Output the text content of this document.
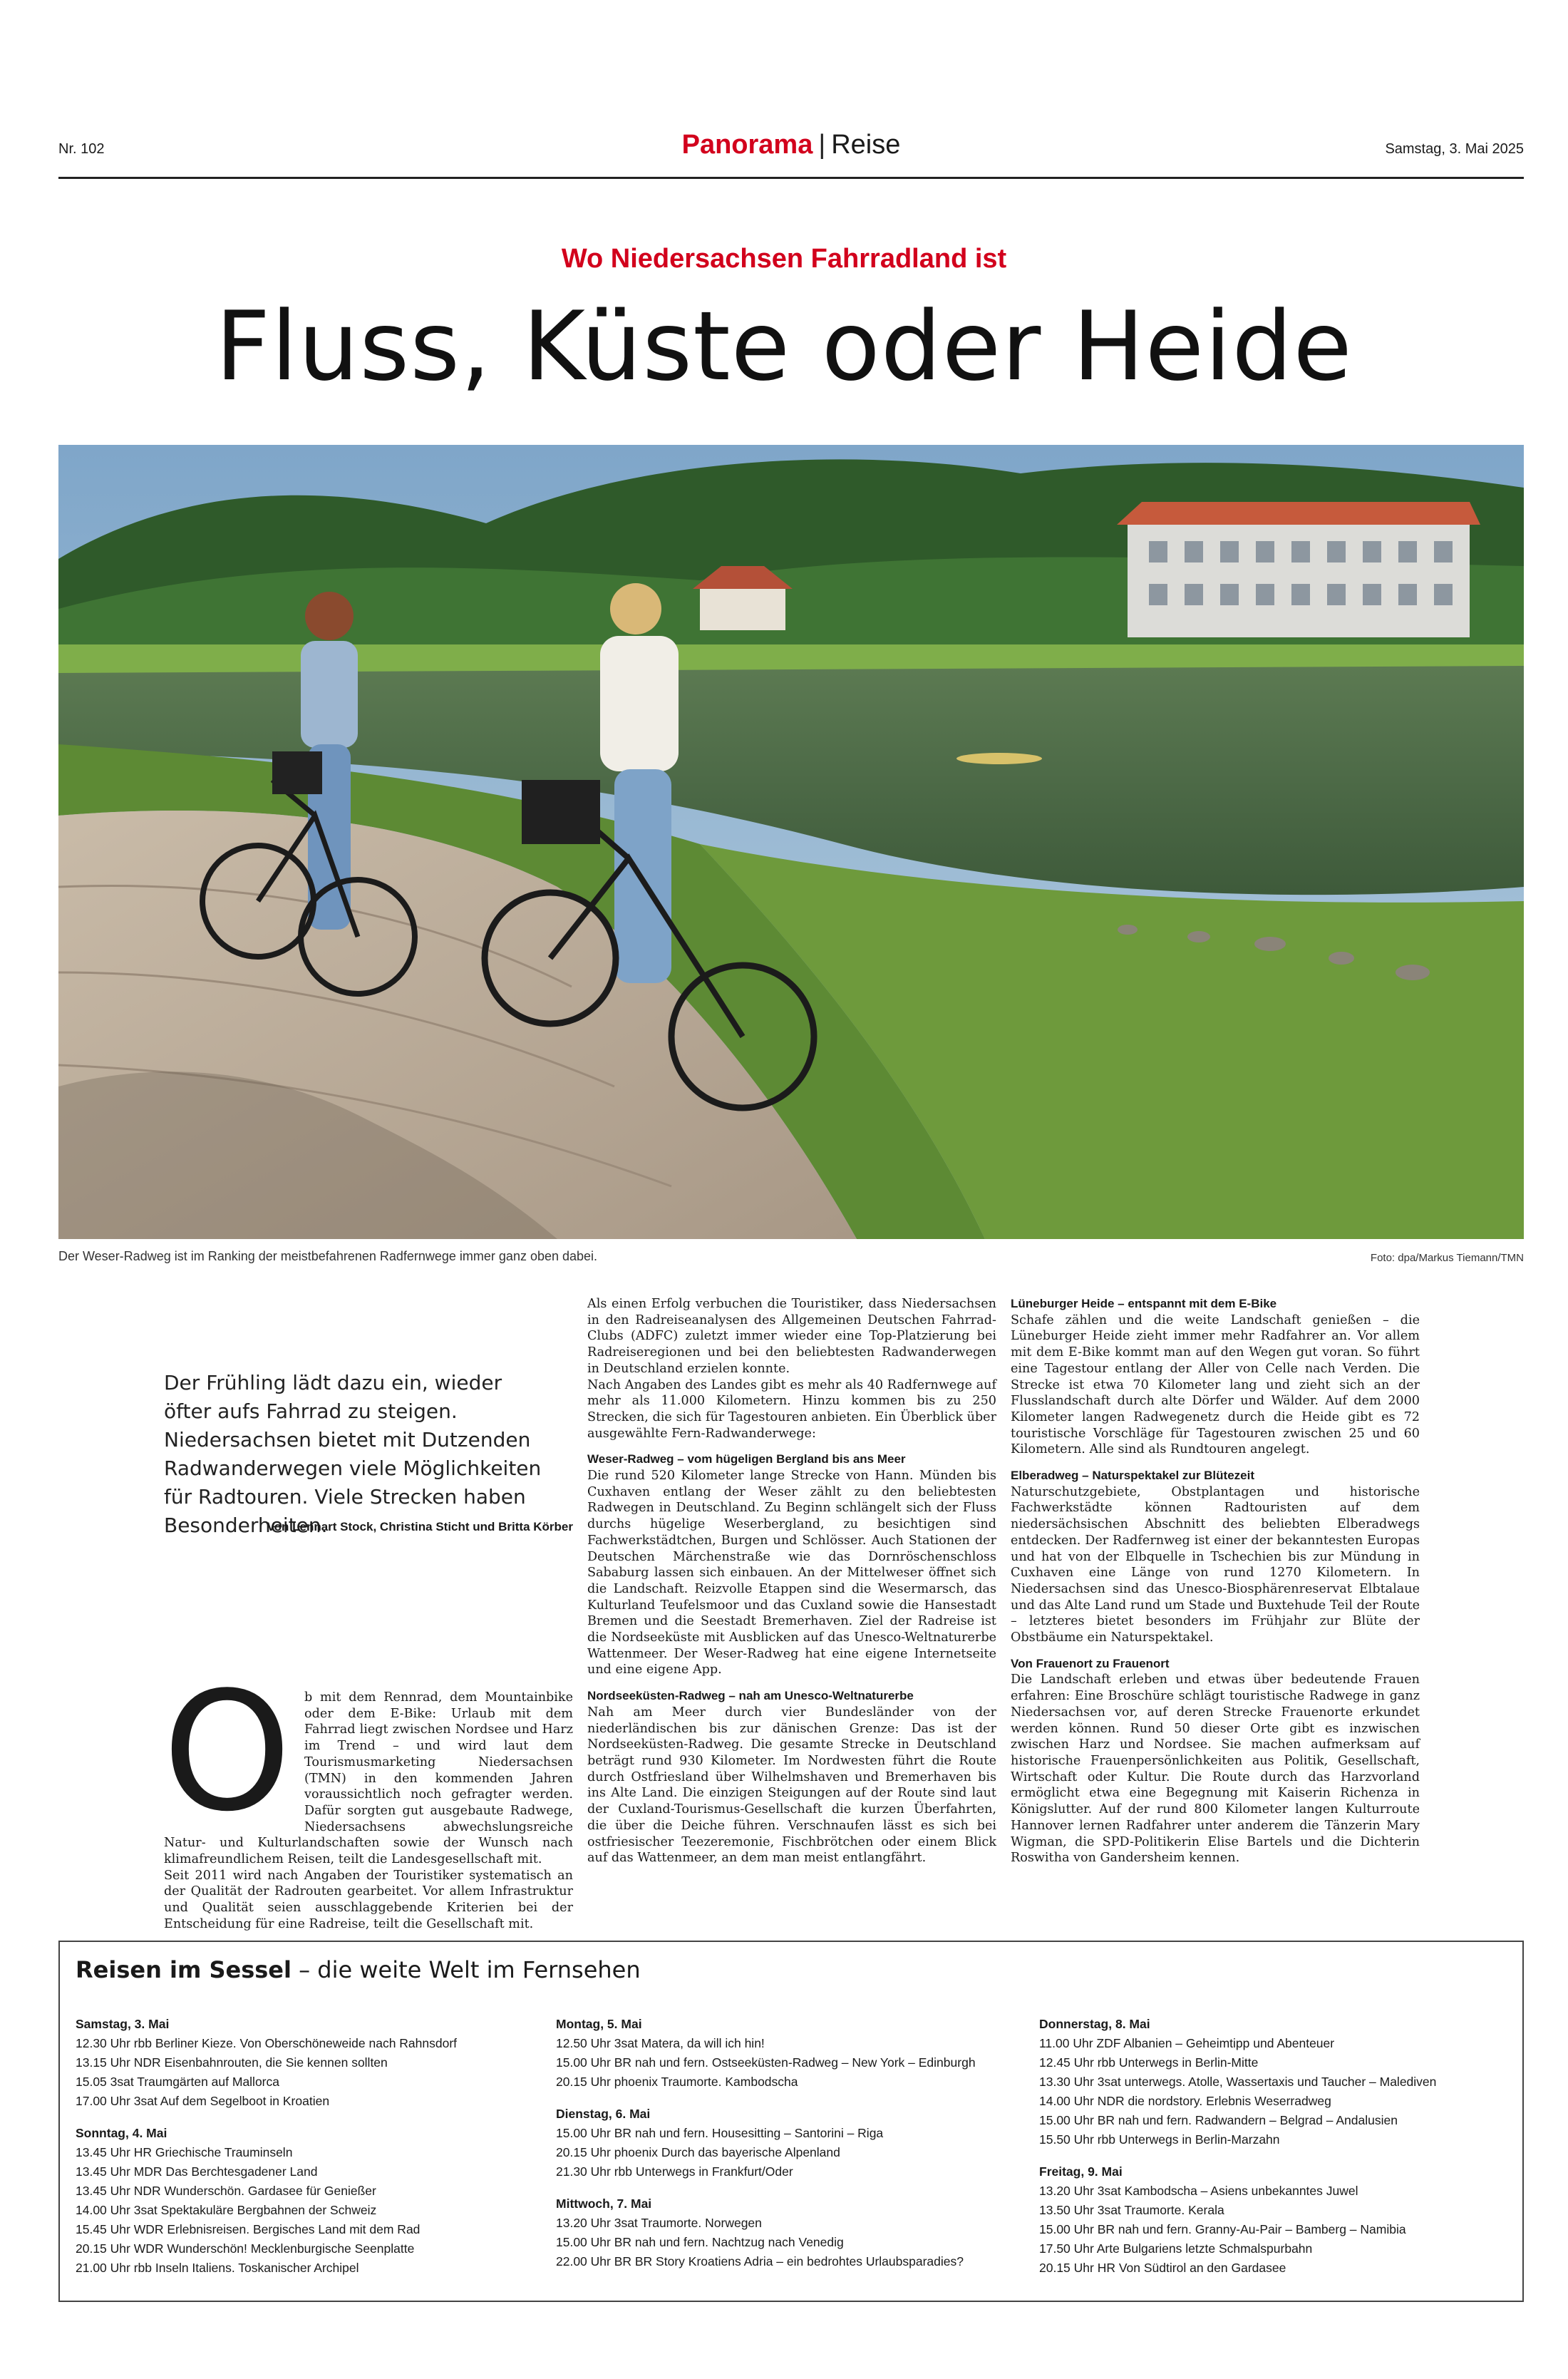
Nr. 102	Panorama | Reise	Samstag, 3. Mai 2025
Wo Niedersachsen Fahrradland ist
Fluss, Küste oder Heide
Der Weser-Radweg ist im Ranking der meistbefahrenen Radfernwege immer ganz oben dabei.	Foto: dpa/Markus Tiemann/TMN
Der Frühling lädt dazu ein, wieder öfter aufs Fahrrad zu steigen. Niedersachsen bietet mit Dutzenden Radwanderwegen viele Möglichkeiten für Radtouren. Viele Strecken haben Besonderheiten.
Von Lennart Stock, Christina Sticht und Britta Körber
O	b mit dem Rennrad, dem Mountainbike oder dem E-Bike: Urlaub mit dem Fahrrad liegt zwischen Nordsee und Harz im Trend – und wird laut dem Tourismusmarketing Niedersachsen (TMN) in den kommenden Jahren voraussichtlich noch gefragter werden. Dafür sorgten gut ausgebaute Radwege, Niedersachsens abwechslungsreiche Natur- und Kulturlandschaften sowie der Wunsch nach klimafreundlichem Reisen, teilt die Landesgesellschaft mit.

Seit 2011 wird nach Angaben der Touristiker systematisch an der Qualität der Radrouten gearbeitet. Vor allem Infrastruktur und Qualität seien ausschlaggebende Kriterien bei der Entscheidung für eine Radreise, teilt die Gesellschaft mit.

Als einen Erfolg verbuchen die Touristiker, dass Niedersachsen in den Radreiseanalysen des Allgemeinen Deutschen Fahrrad-Clubs (ADFC) zuletzt immer wieder eine Top-Platzierung bei Radreiseregionen und bei den beliebtesten Radwanderwegen in Deutschland erzielen konnte.

Nach Angaben des Landes gibt es mehr als 40 Radfernwege auf mehr als 11.000 Kilometern. Hinzu kommen bis zu 250 Strecken, die sich für Tagestouren anbieten. Ein Überblick über ausgewählte Fern-Radwanderwege:

Weser-Radweg – vom hügeligen Bergland bis ans Meer

Die rund 520 Kilometer lange Strecke von Hann. Münden bis Cuxhaven entlang der Weser zählt zu den beliebtesten Radwegen in Deutschland. Zu Beginn schlängelt sich der Fluss durchs hügelige Weserbergland, zu besichtigen sind Fachwerkstädtchen, Burgen und Schlösser. Auch Stationen der Deutschen Märchenstraße wie das Dornröschenschloss Sababurg lassen sich einbauen. An der Mittelweser öffnet sich die Landschaft. Reizvolle Etappen sind die Wesermarsch, das Kulturland Teufelsmoor und das Cuxland sowie die Hansestadt Bremen und die Seestadt Bremerhaven. Ziel der Radreise ist die Nordseeküste mit Ausblicken auf das Unesco-Weltnaturerbe Wattenmeer. Der Weser-Radweg hat eine eigene Internetseite und eine eigene App.

Nordseeküsten-Radweg – nah am Unesco-Weltnaturerbe

Nah am Meer durch vier Bundesländer von der niederländischen bis zur dänischen Grenze: Das ist der Nordseeküsten-Radweg. Die gesamte Strecke in Deutschland beträgt rund 930 Kilometer. Im Nordwesten führt die Route durch Ostfriesland über Wilhelmshaven und Bremerhaven bis ins Alte Land. Die einzigen Steigungen auf der Route sind laut der Cuxland-Tourismus-Gesellschaft die kurzen Überfahrten, die über die Deiche führen. Verschnaufen lässt es sich bei ostfriesischer Teezeremonie, Fischbrötchen oder einem Blick auf das Wattenmeer, an dem man meist entlangfährt.

Lüneburger Heide – entspannt mit dem E-Bike

Schafe zählen und die weite Landschaft genießen – die Lüneburger Heide zieht immer mehr Radfahrer an. Vor allem mit dem E-Bike kommt man auf den Wegen gut voran. So führt eine Tagestour entlang der Aller von Celle nach Verden. Die Strecke ist etwa 70 Kilometer lang und zieht sich an der Flusslandschaft durch alte Dörfer und Wälder. Auf dem 2000 Kilometer langen Radwegenetz durch die Heide gibt es 72 touristische Vorschläge für Tagestouren zwischen 25 und 60 Kilometern. Alle sind als Rundtouren angelegt.

Elberadweg – Naturspektakel zur Blütezeit

Naturschutzgebiete, Obstplantagen und historische Fachwerkstädte können Radtouristen auf dem niedersächsischen Abschnitt des beliebten Elberadwegs entdecken. Der Radfernweg ist einer der bekanntesten Europas und hat von der Elbquelle in Tschechien bis zur Mündung in Cuxhaven eine Länge von rund 1270 Kilometern. In Niedersachsen sind das Unesco-Biosphärenreservat Elbtalaue und das Alte Land rund um Stade und Buxtehude Teil der Route – letzteres bietet besonders im Frühjahr zur Blüte der Obstbäume ein Naturspektakel.

Von Frauenort zu Frauenort

Die Landschaft erleben und etwas über bedeutende Frauen erfahren: Eine Broschüre schlägt touristische Radwege in ganz Niedersachsen vor, auf deren Strecke Frauenorte erkundet werden können. Rund 50 dieser Orte gibt es inzwischen zwischen Harz und Nordsee. Sie machen aufmerksam auf historische Frauenpersönlichkeiten aus Politik, Gesellschaft, Wirtschaft oder Kultur. Die Route durch das Harzvorland ermöglicht etwa eine Begegnung mit Kaiserin Richenza in Königslutter. Auf der rund 800 Kilometer langen Kulturroute Hannover lernen Radfahrer unter anderem die Tänzerin Mary Wigman, die SPD-Politikerin Elise Bartels und die Dichterin Roswitha von Gandersheim kennen.

Reisen im Sessel – die weite Welt im Fernsehen
Samstag, 3. Mai
12.30 Uhr rbb Berliner Kieze. Von Oberschöneweide nach Rahnsdorf
13.15 Uhr NDR Eisenbahnrouten, die Sie kennen sollten
15.05 3sat Traumgärten auf Mallorca
17.00 Uhr 3sat Auf dem Segelboot in Kroatien
Sonntag, 4. Mai
13.45 Uhr HR Griechische Trauminseln
13.45 Uhr MDR Das Berchtesgadener Land
13.45 Uhr NDR Wunderschön. Gardasee für Genießer
14.00 Uhr 3sat Spektakuläre Bergbahnen der Schweiz
15.45 Uhr WDR Erlebnisreisen. Bergisches Land mit dem Rad
20.15 Uhr WDR Wunderschön! Mecklenburgische Seenplatte
21.00 Uhr rbb Inseln Italiens. Toskanischer Archipel
Montag, 5. Mai
12.50 Uhr 3sat Matera, da will ich hin!
15.00 Uhr BR nah und fern. Ostseeküsten-Radweg – New York – Edinburgh
20.15 Uhr phoenix Traumorte. Kambodscha
Dienstag, 6. Mai
15.00 Uhr BR nah und fern. Housesitting – Santorini – Riga
20.15 Uhr phoenix Durch das bayerische Alpenland
21.30 Uhr rbb Unterwegs in Frankfurt/Oder
Mittwoch, 7. Mai
13.20 Uhr 3sat Traumorte. Norwegen
15.00 Uhr BR nah und fern. Nachtzug nach Venedig
22.00 Uhr BR BR Story Kroatiens Adria – ein bedrohtes Urlaubsparadies?
Donnerstag, 8. Mai
11.00 Uhr ZDF Albanien – Geheimtipp und Abenteuer
12.45 Uhr rbb Unterwegs in Berlin-Mitte
13.30 Uhr 3sat unterwegs. Atolle, Wassertaxis und Taucher – Malediven
14.00 Uhr NDR die nordstory. Erlebnis Weserradweg
15.00 Uhr BR nah und fern. Radwandern – Belgrad – Andalusien
15.50 Uhr rbb Unterwegs in Berlin-Marzahn
Freitag, 9. Mai
13.20 Uhr 3sat Kambodscha – Asiens unbekanntes Juwel
13.50 Uhr 3sat Traumorte. Kerala
15.00 Uhr BR nah und fern. Granny-Au-Pair – Bamberg – Namibia
17.50 Uhr Arte Bulgariens letzte Schmalspurbahn
20.15 Uhr HR Von Südtirol an den Gardasee
